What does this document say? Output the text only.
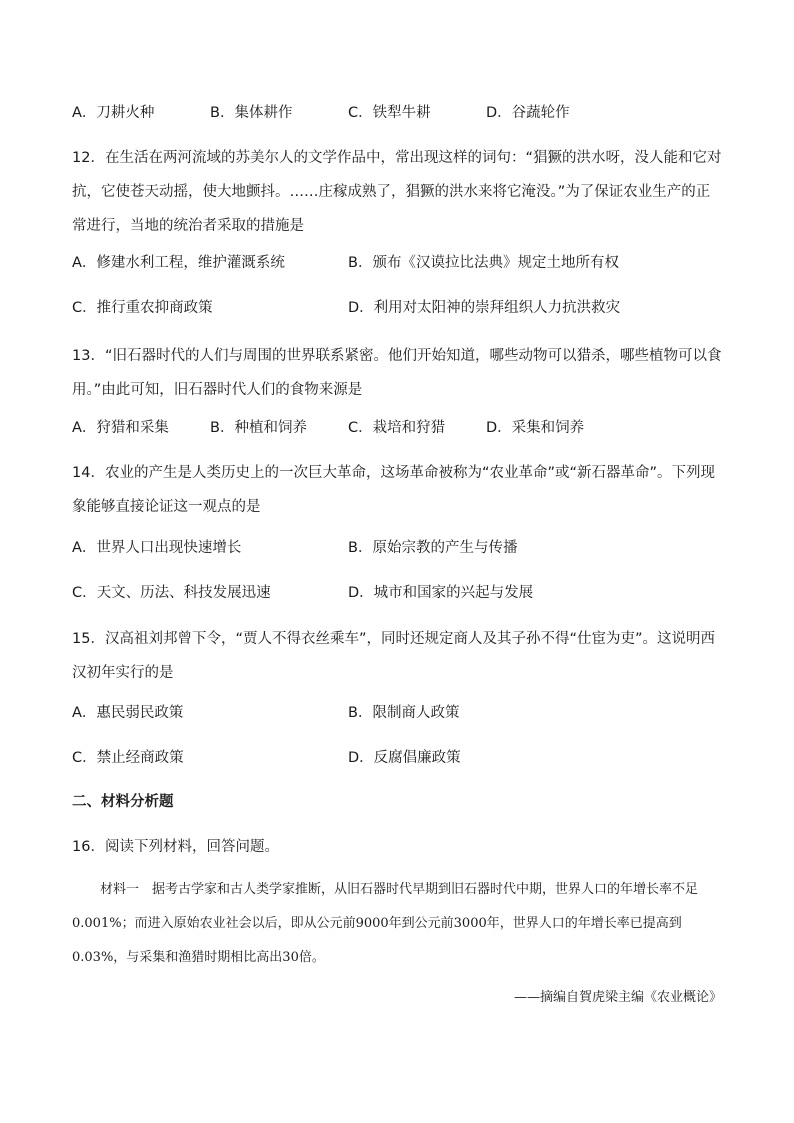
A．刀耕火种	B．集体耕作	C．铁犁牛耕	D．谷蔬轮作
12．在生活在两河流域的苏美尔人的文学作品中，常出现这样的词句：“猖獗的洪水呀，没人能和它对抗，它使苍天动摇，使大地颤抖。……庄稼成熟了，猖獗的洪水来将它淹没。”为了保证农业生产的正常进行，当地的统治者采取的措施是
A．修建水利工程，维护灌溉系统	B．颁布《汉谟拉比法典》规定土地所有权
C．推行重农抑商政策	D．利用对太阳神的崇拜组织人力抗洪救灾
13．“旧石器时代的人们与周围的世界联系紧密。他们开始知道，哪些动物可以猎杀，哪些植物可以食用。”由此可知，旧石器时代人们的食物来源是
A．狩猎和采集	B．种植和饲养	C．栽培和狩猎	D．采集和饲养
14．农业的产生是人类历史上的一次巨大革命，这场革命被称为“农业革命”或“新石器革命”。下列现象能够直接论证这一观点的是
A．世界人口出现快速增长	B．原始宗教的产生与传播
C．天文、历法、科技发展迅速	D．城市和国家的兴起与发展
15．汉高祖刘邦曾下令，“贾人不得衣丝乘车”，同时还规定商人及其子孙不得“仕宦为吏”。这说明西汉初年实行的是
A．惠民弱民政策	B．限制商人政策
C．禁止经商政策	D．反腐倡廉政策
二、材料分析题
16．阅读下列材料，回答问题。
材料一　据考古学家和古人类学家推断，从旧石器时代早期到旧石器时代中期，世界人口的年增长率不足0.001%；而进入原始农业社会以后，即从公元前9000年到公元前3000年，世界人口的年增长率已提高到0.03%，与采集和渔猎时期相比高出30倍。
——摘编自賀虎梁主编《农业概论》
